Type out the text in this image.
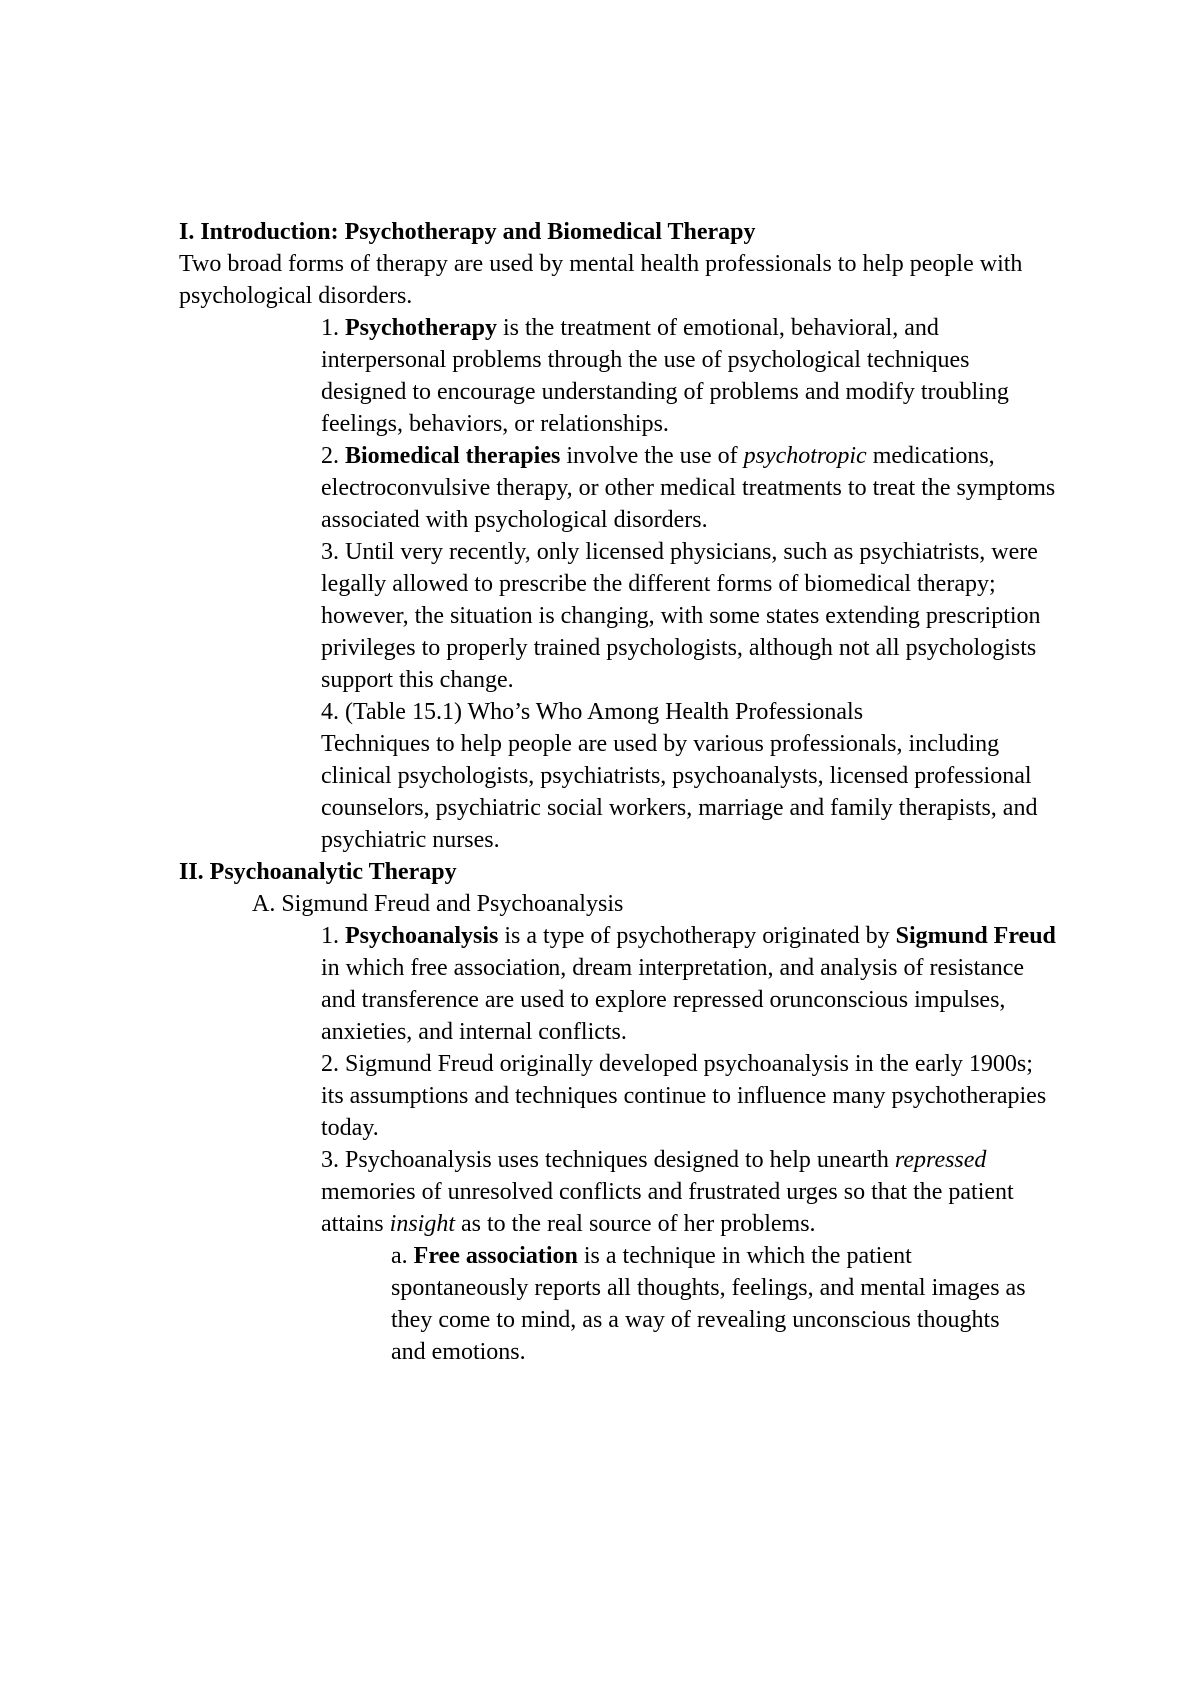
I. Introduction: Psychotherapy and Biomedical Therapy

Two broad forms of therapy are used by mental health professionals to help people with psychological disorders.

1. Psychotherapy is the treatment of emotional, behavioral, and interpersonal problems through the use of psychological techniques designed to encourage understanding of problems and modify troubling feelings, behaviors, or relationships.

2. Biomedical therapies involve the use of psychotropic medications, electroconvulsive therapy, or other medical treatments to treat the symptoms associated with psychological disorders.

3. Until very recently, only licensed physicians, such as psychiatrists, were legally allowed to prescribe the different forms of biomedical therapy; however, the situation is changing, with some states extending prescription privileges to properly trained psychologists, although not all psychologists support this change.

4. (Table 15.1) Who’s Who Among Health Professionals

Techniques to help people are used by various professionals, including clinical psychologists, psychiatrists, psychoanalysts, licensed professional counselors, psychiatric social workers, marriage and family therapists, and psychiatric nurses.

II. Psychoanalytic Therapy

A. Sigmund Freud and Psychoanalysis

1. Psychoanalysis is a type of psychotherapy originated by Sigmund Freud in which free association, dream interpretation, and analysis of resistance and transference are used to explore repressed orunconscious impulses, anxieties, and internal conflicts.

2. Sigmund Freud originally developed psychoanalysis in the early 1900s; its assumptions and techniques continue to influence many psychotherapies today.

3. Psychoanalysis uses techniques designed to help unearth repressed memories of unresolved conflicts and frustrated urges so that the patient attains insight as to the real source of her problems.

a. Free association is a technique in which the patient spontaneously reports all thoughts, feelings, and mental images as they come to mind, as a way of revealing unconscious thoughts and emotions.
